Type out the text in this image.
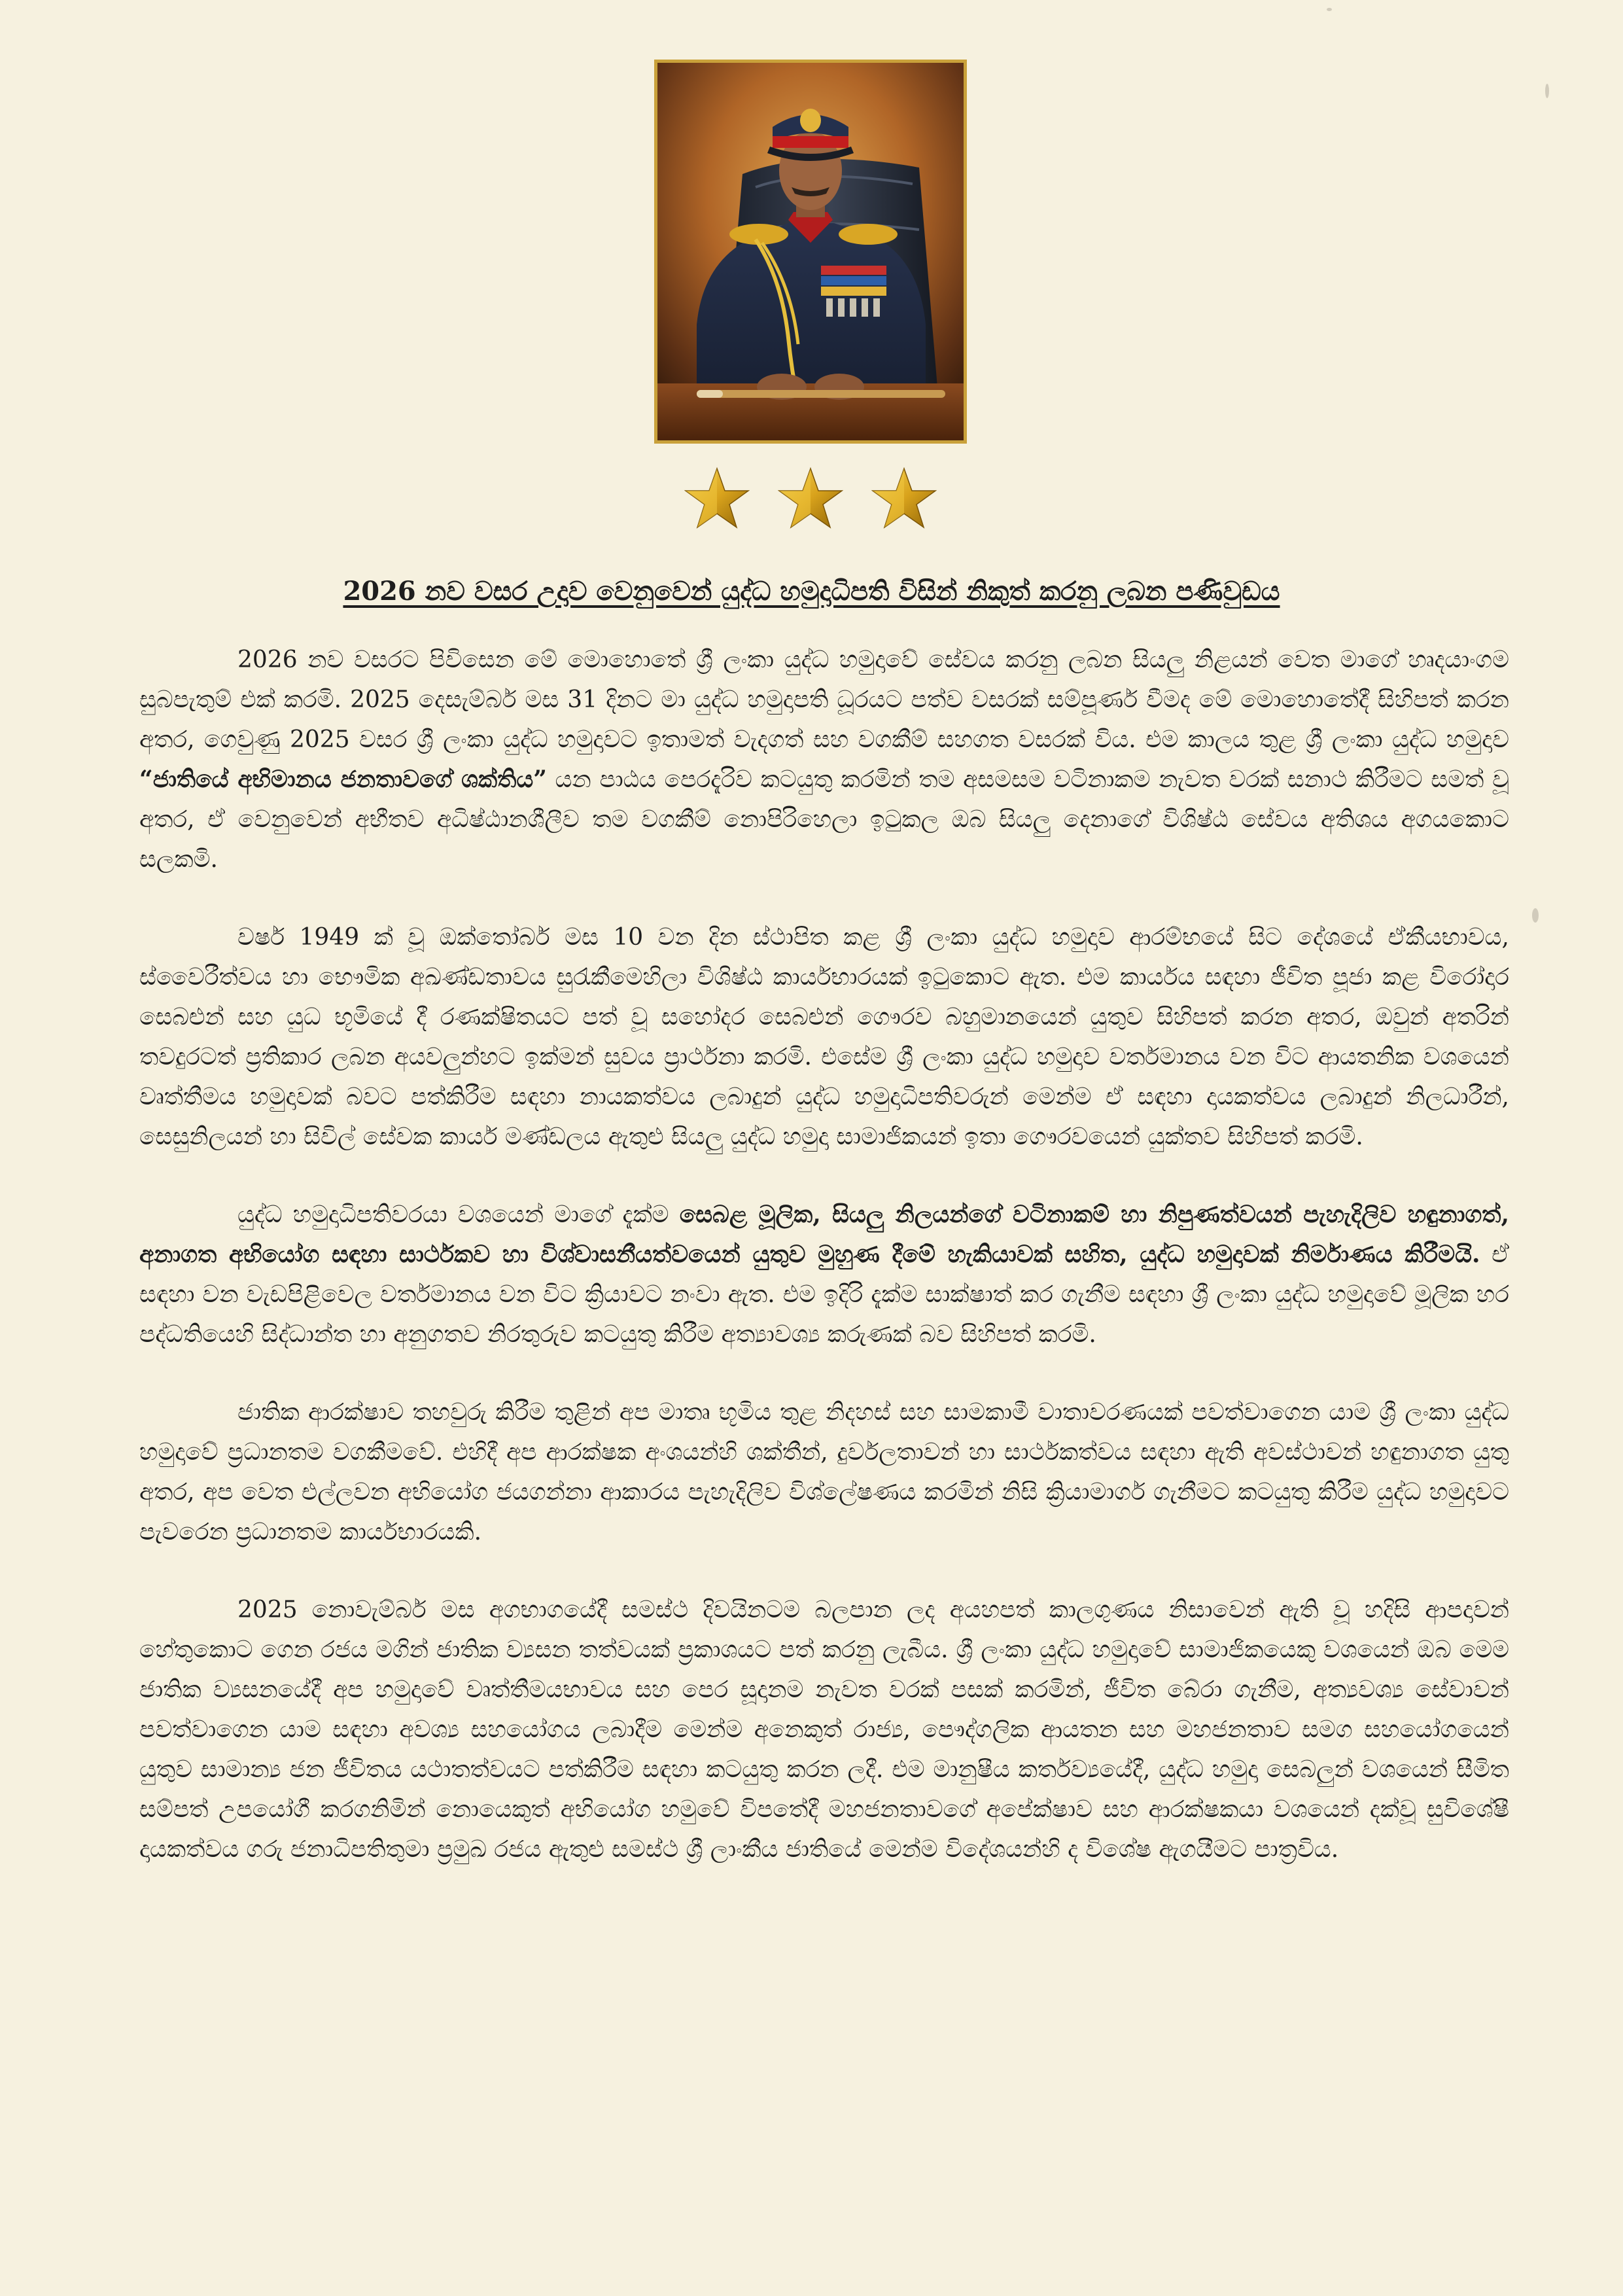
2026 නව වසර උදාව වෙනුවෙන් යුද්ධ හමුදාධිපති විසින් නිකුත් කරනු ලබන පණිවුඩය

2026 නව වසරට පිවිසෙන මේ මොහොතේ ශ්‍රී ලංකා යුද්ධ හමුදාවේ සේවය කරනු ලබන සියලු නිළයන් වෙත මාගේ හෘදයාංගම සුබපැතුම් එක් කරමි. 2025 දෙසැම්බර් මස 31 දිනට මා යුද්ධ හමුදාපති ධූරයට පත්ව වසරක් සම්පූර්ණ වීමද මේ මොහොතේදී සිහිපත් කරන අතර, ගෙවුණු 2025 වසර ශ්‍රී ලංකා යුද්ධ හමුදාවට ඉතාමත් වැදගත් සහ වගකීම් සහගත වසරක් විය. එම කාලය තුළ ශ්‍රී ලංකා යුද්ධ හමුදාව “ජාතියේ අභිමානය ජනතාවගේ ශක්තිය” යන පාඨය පෙරදැරිව කටයුතු කරමින් තම අසමසම වටිනාකම නැවත වරක් සනාථ කිරීමට සමත් වූ අතර, ඒ වෙනුවෙන් අභීතව අධිෂ්ඨානශීලීව තම වගකීම් නොපිරිහෙලා ඉටුකල ඔබ සියලු දෙනාගේ විශිෂ්ඨ සේවය අතිශය අගයකොට සලකමි.

වර්ෂ 1949 ක් වූ ඔක්තෝබර් මස 10 වන දින ස්ථාපිත කළ ශ්‍රී ලංකා යුද්ධ හමුදාව ආරම්භයේ සිට දේශයේ ඒකීයභාවය, ස්වෛරීත්වය හා භෞමික අඛණ්ඩතාවය සුරැකීමෙහිලා විශිෂ්ඨ කාර්යභාරයක් ඉටුකොට ඇත. එම කාර්යය සඳහා ජීවිත පූජා කළ විරෝදාර සෙබළුන් සහ යුධ භූමියේ දී රණක්ෂිතයට පත් වූ සහෝදර සෙබළුන් ගෞරව බහුමානයෙන් යුතුව සිහිපත් කරන අතර, ඔවුන් අතරින් තවදුරටත් ප්‍රතිකාර ලබන අයවලුන්හට ඉක්මන් සුවය ප්‍රාර්ථනා කරමි. එසේම ශ්‍රී ලංකා යුද්ධ හමුදාව වර්තමානය වන විට ආයතනික වශයෙන් වෘත්තීමය හමුදාවක් බවට පත්කිරීම සඳහා නායකත්වය ලබාදුන් යුද්ධ හමුදාධිපතිවරුන් මෙන්ම ඒ සඳහා දායකත්වය ලබාදුන් නිලධාරීන්, සෙසුනිලයන් හා සිවිල් සේවක කාර්ය මණ්ඩලය ඇතුළු සියලු යුද්ධ හමුදා සාමාජිකයන් ඉතා ගෞරවයෙන් යුක්තව සිහිපත් කරමි.

යුද්ධ හමුදාධිපතිවරයා වශයෙන් මාගේ දැක්ම සෙබළ මූලික, සියලු නිලයන්ගේ වටිනාකම් හා නිපුණත්වයන් පැහැදිලිව හඳුනාගත්, අනාගත අභියෝග සඳහා සාර්ථකව හා විශ්වාසනීයත්වයෙන් යුතුව මුහුණ දීමේ හැකියාවක් සහිත, යුද්ධ හමුදාවක් නිර්මාණය කිරීමයි. ඒ සඳහා වන වැඩපිළිවෙල වර්තමානය වන විට ක්‍රියාවට නංවා ඇත. එම ඉදිරි දැක්ම සාක්ෂාත් කර ගැනීම සඳහා ශ්‍රී ලංකා යුද්ධ හමුදාවේ මූලික හර පද්ධතියෙහි සිද්ධාන්ත හා අනුගතව නිරතුරුව කටයුතු කිරීම අත්‍යාවශ්‍ය කරුණක් බව සිහිපත් කරමි.

ජාතික ආරක්ෂාව තහවුරු කිරීම තුළින් අප මාතෘ භූමිය තුළ නිදහස් සහ සාමකාමී වාතාවරණයක් පවත්වාගෙන යාම ශ්‍රී ලංකා යුද්ධ හමුදාවේ ප්‍රධානතම වගකීමවේ. එහිදී අප ආරක්ෂක අංශයන්හි ශක්තීන්, දුර්වලතාවන් හා සාර්ථකත්වය සඳහා ඇති අවස්ථාවන් හඳුනාගත යුතු අතර, අප වෙත එල්ලවන අභියෝග ජයගන්නා ආකාරය පැහැදිලිව විශ්ලේෂණය කරමින් නිසි ක්‍රියාමාර්ග ගැනීමට කටයුතු කිරීම යුද්ධ හමුදාවට පැවරෙන ප්‍රධානතම කාර්යභාරයකි.

2025 නොවැම්බර් මස අගභාගයේදී සමස්ථ දිවයිනටම බලපාන ලද අයහපත් කාලගුණය නිසාවෙන් ඇති වූ හදිසි ආපදාවන් හේතුකොට ගෙන රජය මගින් ජාතික ව්‍යසන තත්වයක් ප්‍රකාශයට පත් කරනු ලැබීය. ශ්‍රී ලංකා යුද්ධ හමුදාවේ සාමාජිකයෙකු වශයෙන් ඔබ මෙම ජාතික ව්‍යසනයේදී අප හමුදාවේ වෘත්තීමයභාවය සහ පෙර සූදානම නැවත වරක් පසක් කරමින්, ජීවිත බේරා ගැනීම, අත්‍යවශ්‍ය සේවාවන් පවත්වාගෙන යාම සඳහා අවශ්‍ය සහයෝගය ලබාදීම මෙන්ම අනෙකුත් රාජ්‍ය, පෞද්ගලික ආයතන සහ මහජනතාව සමග සහයෝගයෙන් යුතුව සාමාන්‍ය ජන ජීවිතය යථාතත්වයට පත්කිරීම සඳහා කටයුතු කරන ලදී. එම මානුෂීය කර්තව්‍යයේදී, යුද්ධ හමුදා සෙබලුන් වශයෙන් සීමිත සම්පත් උපයෝගී කරගනිමින් නොයෙකුත් අභියෝග හමුවේ විපතේදී මහජනතාවගේ අපේක්ෂාව සහ ආරක්ෂකයා වශයෙන් දක්වූ සුවිශේෂී දායකත්වය ගරු ජනාධිපතිතුමා ප්‍රමුඛ රජය ඇතුළු සමස්ථ ශ්‍රී ලාංකීය ජාතියේ මෙන්ම විදේශයන්හි ද විශේෂ ඇගයීමට පාත්‍රවිය.
